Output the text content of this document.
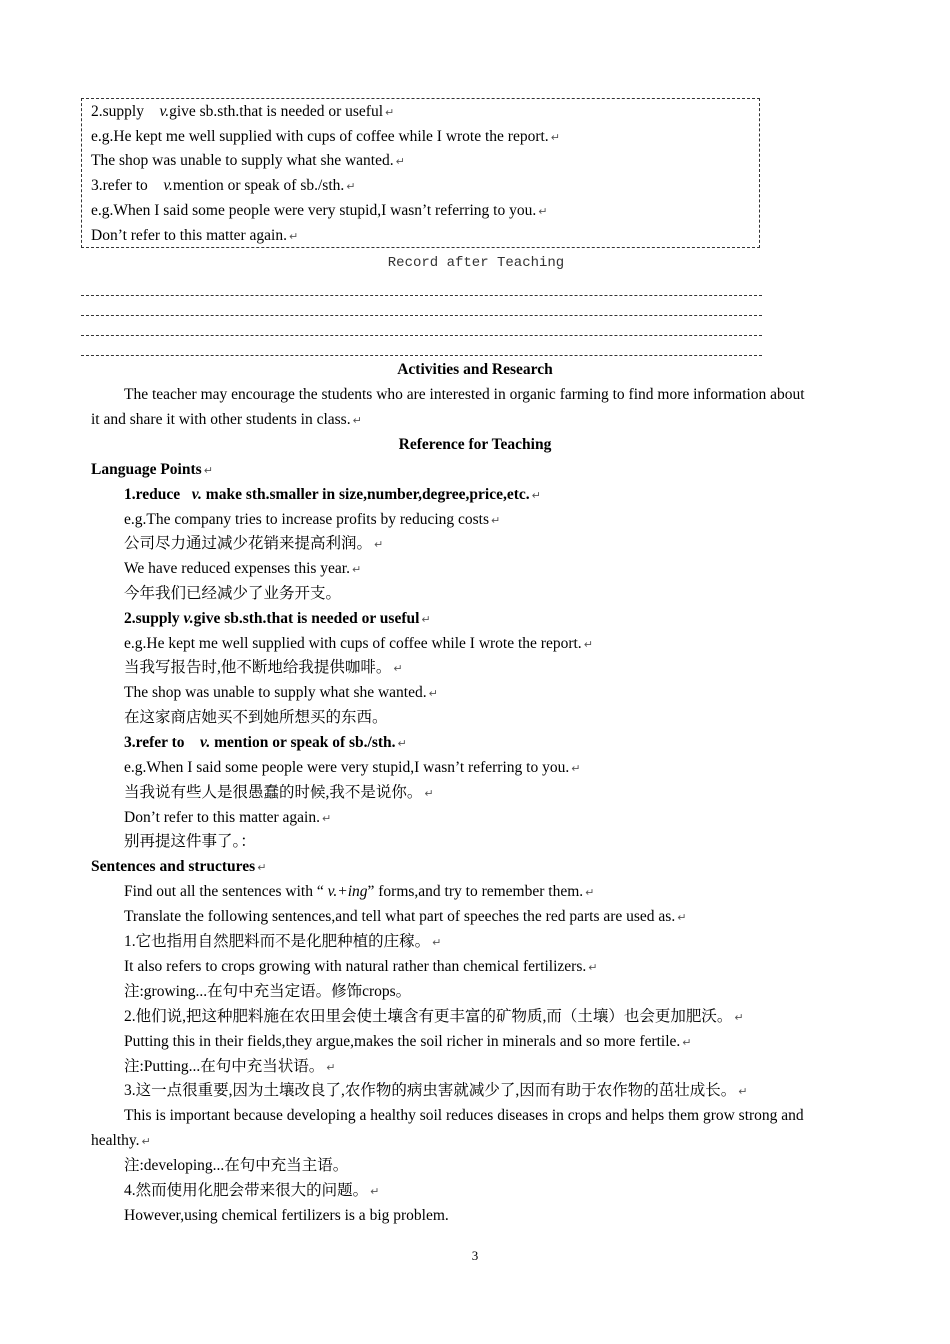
2.supply v.give sb.sth.that is needed or useful ↵
e.g.He kept me well supplied with cups of coffee while I wrote the report. ↵
The shop was unable to supply what she wanted. ↵
3.refer to v.mention or speak of sb./sth. ↵
e.g.When I said some people were very stupid,I wasn’t referring to you. ↵
Don’t refer to this matter again. ↵
Record after Teaching
Activities and Research
The teacher may encourage the students who are interested in organic farming to find more information about
it and share it with other students in class. ↵
Reference for Teaching
Language Points ↵
1.reduce v. make sth.smaller in size,number,degree,price,etc. ↵
e.g.The company tries to increase profits by reducing costs ↵
公司尽力通过减少花销来提高利润。 ↵
We have reduced expenses this year. ↵
今年我们已经减少了业务开支。
2.supply v.give sb.sth.that is needed or useful ↵
e.g.He kept me well supplied with cups of coffee while I wrote the report. ↵
当我写报告时,他不断地给我提供咖啡。 ↵
The shop was unable to supply what she wanted. ↵
在这家商店她买不到她所想买的东西。
3.refer to v. mention or speak of sb./sth. ↵
e.g.When I said some people were very stupid,I wasn’t referring to you. ↵
当我说有些人是很愚蠢的时候,我不是说你。 ↵
Don’t refer to this matter again. ↵
别再提这件事了。：
Sentences and structures ↵
Find out all the sentences with “ v.+ing” forms,and try to remember them. ↵
Translate the following sentences,and tell what part of speeches the red parts are used as. ↵
1.它也指用自然肥料而不是化肥种植的庄稼。 ↵
It also refers to crops growing with natural rather than chemical fertilizers. ↵
注:growing...在句中充当定语。修饰crops。
2.他们说,把这种肥料施在农田里会使土壤含有更丰富的矿物质,而（土壤）也会更加肥沃。 ↵
Putting this in their fields,they argue,makes the soil richer in minerals and so more fertile. ↵
注:Putting...在句中充当状语。 ↵
3.这一点很重要,因为土壤改良了,农作物的病虫害就减少了,因而有助于农作物的茁壮成长。 ↵
This is important because developing a healthy soil reduces diseases in crops and helps them grow strong and
healthy. ↵
注:developing...在句中充当主语。
4.然而使用化肥会带来很大的问题。 ↵
However,using chemical fertilizers is a big problem.
3
